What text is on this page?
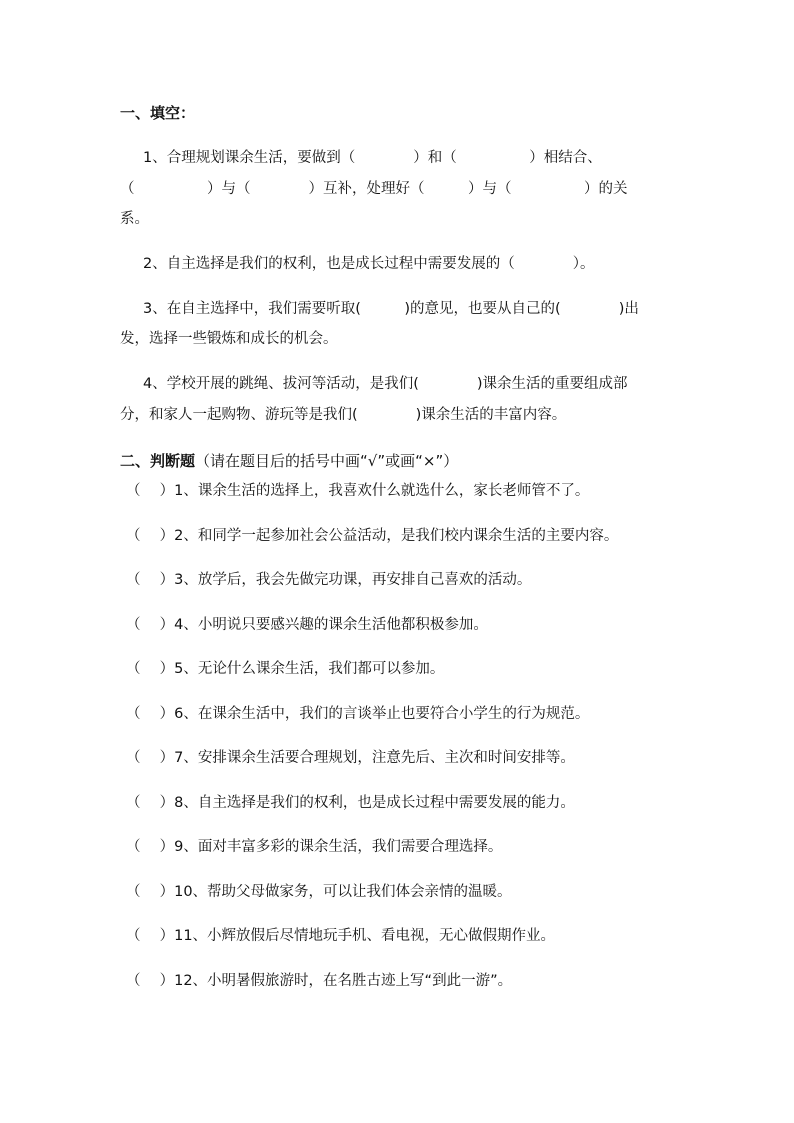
一、填空：
1、合理规划课余生活，要做到（　　　　）和（　　　　　）相结合、
（　　　　　）与（　　　　）互补，处理好（　　　）与（　　　　　）的关
系。
2、自主选择是我们的权利，也是成长过程中需要发展的（　　　　）。
3、在自主选择中，我们需要听取(　　　)的意见，也要从自己的(　　　　)出
发，选择一些锻炼和成长的机会。
4、学校开展的跳绳、拔河等活动，是我们(　　　　)课余生活的重要组成部
分，和家人一起购物、游玩等是我们(　　　　)课余生活的丰富内容。
二、判断题（请在题目后的括号中画“√”或画“×”）
（　 ）1、课余生活的选择上，我喜欢什么就选什么，家长老师管不了。
（　 ）2、和同学一起参加社会公益活动，是我们校内课余生活的主要内容。
（　 ）3、放学后，我会先做完功课，再安排自己喜欢的活动。
（　 ）4、小明说只要感兴趣的课余生活他都积极参加。
（　 ）5、无论什么课余生活，我们都可以参加。
（　 ）6、在课余生活中，我们的言谈举止也要符合小学生的行为规范。
（　 ）7、安排课余生活要合理规划，注意先后、主次和时间安排等。
（　 ）8、自主选择是我们的权利，也是成长过程中需要发展的能力。
（　 ）9、面对丰富多彩的课余生活，我们需要合理选择。
（　 ）10、帮助父母做家务，可以让我们体会亲情的温暖。
（　 ）11、小辉放假后尽情地玩手机、看电视，无心做假期作业。
（　 ）12、小明暑假旅游时，在名胜古迹上写“到此一游”。
